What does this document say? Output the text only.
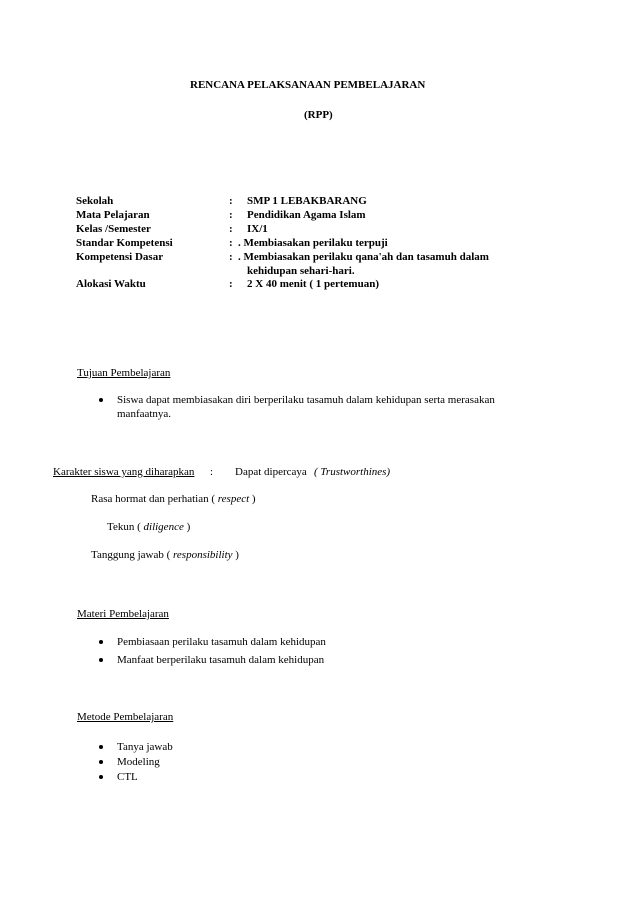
RENCANA PELAKSANAAN PEMBELAJARAN
(RPP)
Sekolah	: SMP 1 LEBAKBARANG
Mata Pelajaran	: Pendidikan Agama Islam
Kelas /Semester	: IX/1
Standar Kompetensi	: . Membiasakan perilaku terpuji
Kompetensi Dasar	: . Membiasakan perilaku qana'ah dan tasamuh dalam
kehidupan sehari-hari.
Alokasi Waktu	: 2 X 40 menit ( 1 pertemuan)
Tujuan Pembelajaran
Siswa dapat membiasakan diri berperilaku tasamuh dalam kehidupan serta merasakan
manfaatnya.
Karakter siswa yang diharapkan : Dapat dipercaya ( Trustworthines)
Rasa hormat dan perhatian ( respect )
Tekun ( diligence )
Tanggung jawab ( responsibility )
Materi Pembelajaran
Pembiasaan perilaku tasamuh dalam kehidupan
Manfaat berperilaku tasamuh dalam kehidupan
Metode Pembelajaran
Tanya jawab
Modeling
CTL
